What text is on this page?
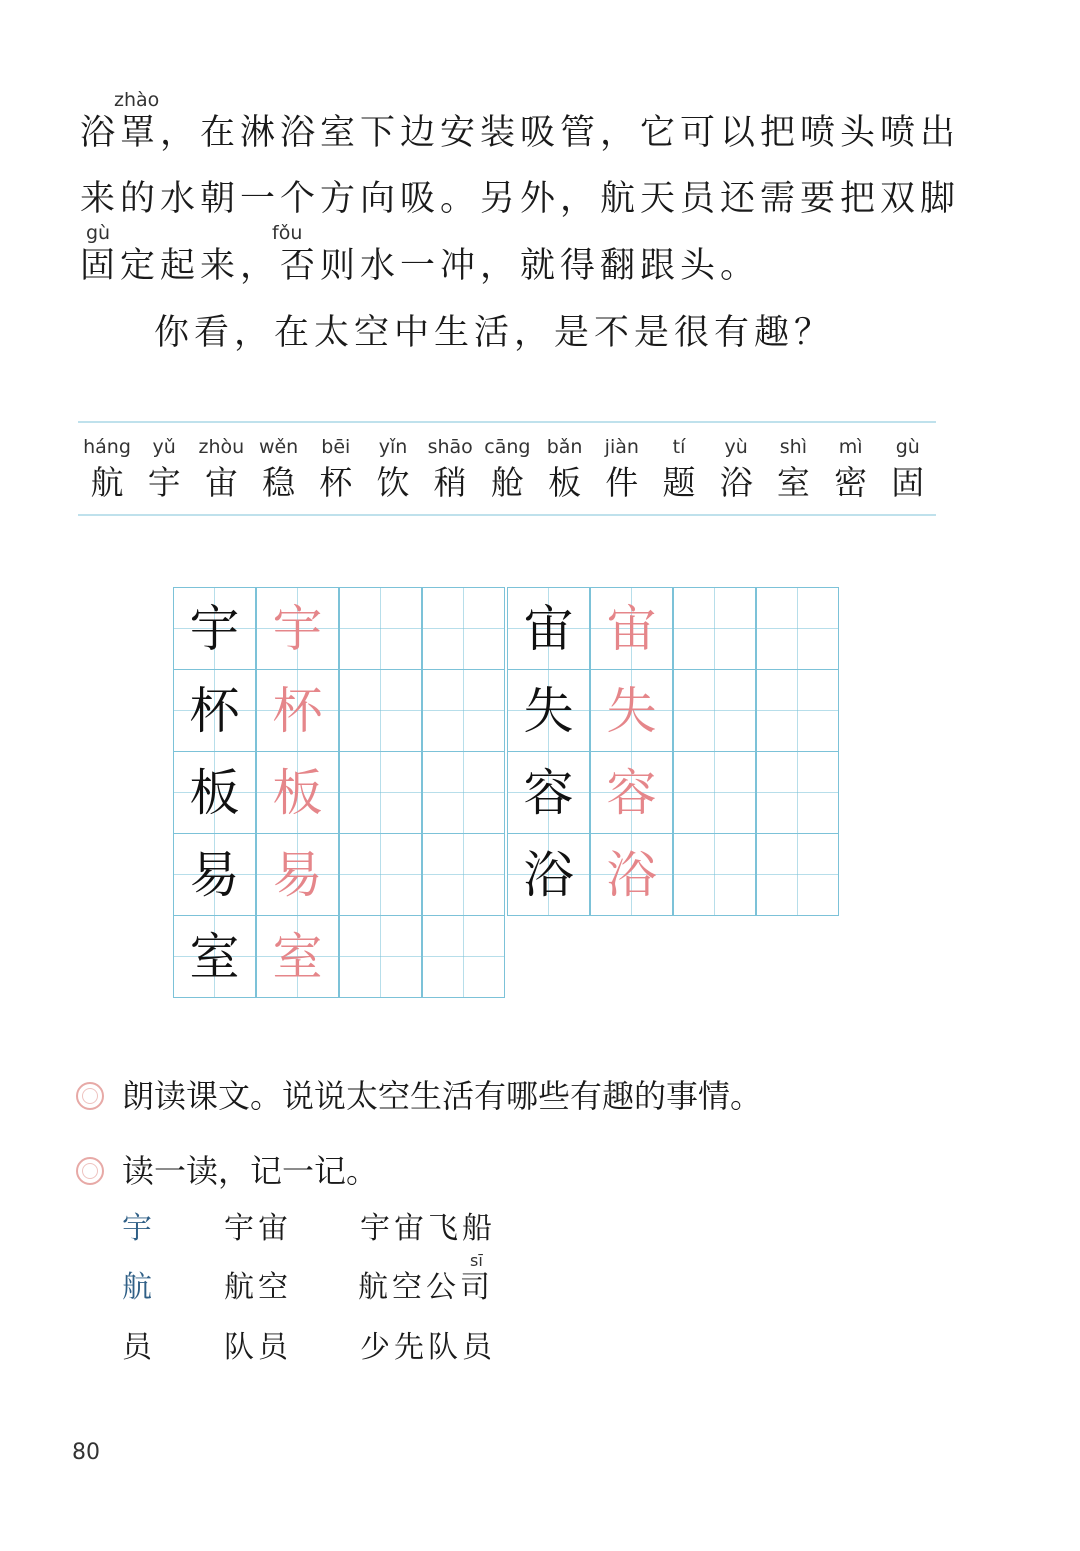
zhào
浴罩，在淋浴室下边安装吸管，它可以把喷头喷出
来的水朝一个方向吸。另外，航天员还需要把双脚
gù	fǒu
固定起来，否则水一冲，就得翻跟头。
你看，在太空中生活，是不是很有趣？
háng
航
yǔ
宇
zhòu
宙
wěn
稳
bēi
杯
yǐn
饮
shāo
稍
cāng
舱
bǎn
板
jiàn
件
tí
题
yù
浴
shì
室
mì
密
gù
固
宇 宇
杯 杯
板 板
易 易
室 室
宙 宙
失 失
容 容
浴 浴
朗读课文。说说太空生活有哪些有趣的事情。
读一读，记一记。
宇 宇宙 宇宙飞船
sī
航 航空 航空公司
员 队员 少先队员
80
